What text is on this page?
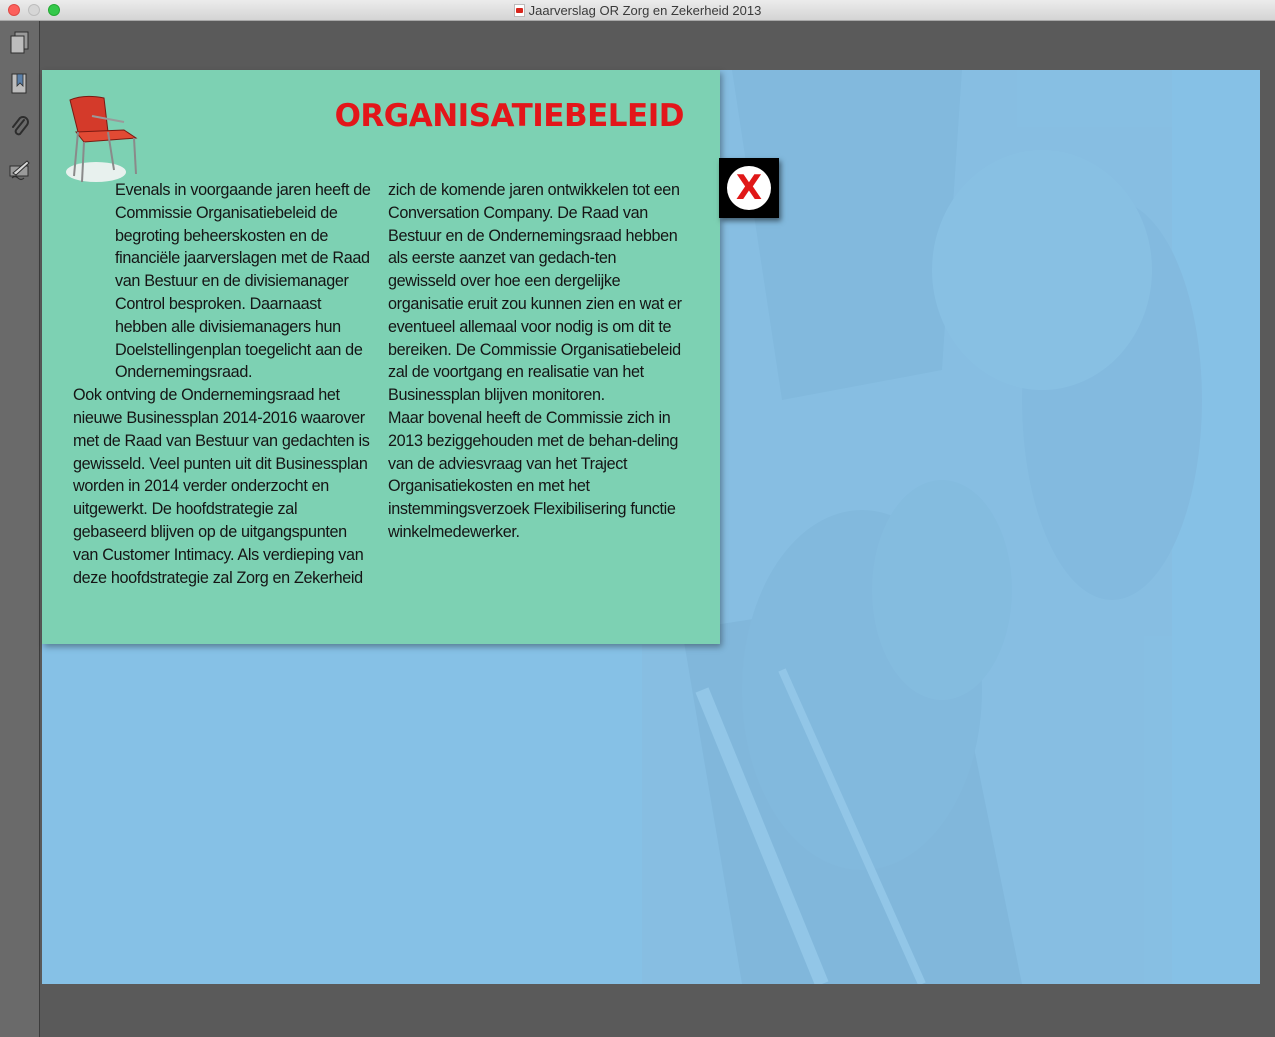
Jaarverslag OR Zorg en Zekerheid 2013
ORGANISATIEBELEID

Evenals in voorgaande jaren heeft de Commissie Organisatiebeleid de begroting beheerskosten en de financiële jaarverslagen met de Raad van Bestuur en de divisiemanager Control besproken. Daarnaast hebben alle divisiemanagers hun Doelstellingenplan toegelicht aan de Ondernemingsraad.

Ook ontving de Ondernemingsraad het nieuwe Businessplan 2014-2016 waarover met de Raad van Bestuur van gedachten is gewisseld. Veel punten uit dit Businessplan worden in 2014 verder onderzocht en uitgewerkt. De hoofdstrategie zal gebaseerd blijven op de uitgangspunten van Customer Intimacy. Als verdieping van deze hoofdstrategie zal Zorg en Zekerheid

zich de komende jaren ontwikkelen tot een Conversation Company. De Raad van Bestuur en de Ondernemingsraad hebben als eerste aanzet van gedach-ten gewisseld over hoe een dergelijke organisatie eruit zou kunnen zien en wat er eventueel allemaal voor nodig is om dit te bereiken. De Commissie Organisatiebeleid zal de voortgang en realisatie van het Businessplan blijven monitoren.

Maar bovenal heeft de Commissie zich in 2013 beziggehouden met de behan-deling van de adviesvraag van het Traject Organisatiekosten en met het instemmingsverzoek Flexibilisering functie winkelmedewerker.

X
